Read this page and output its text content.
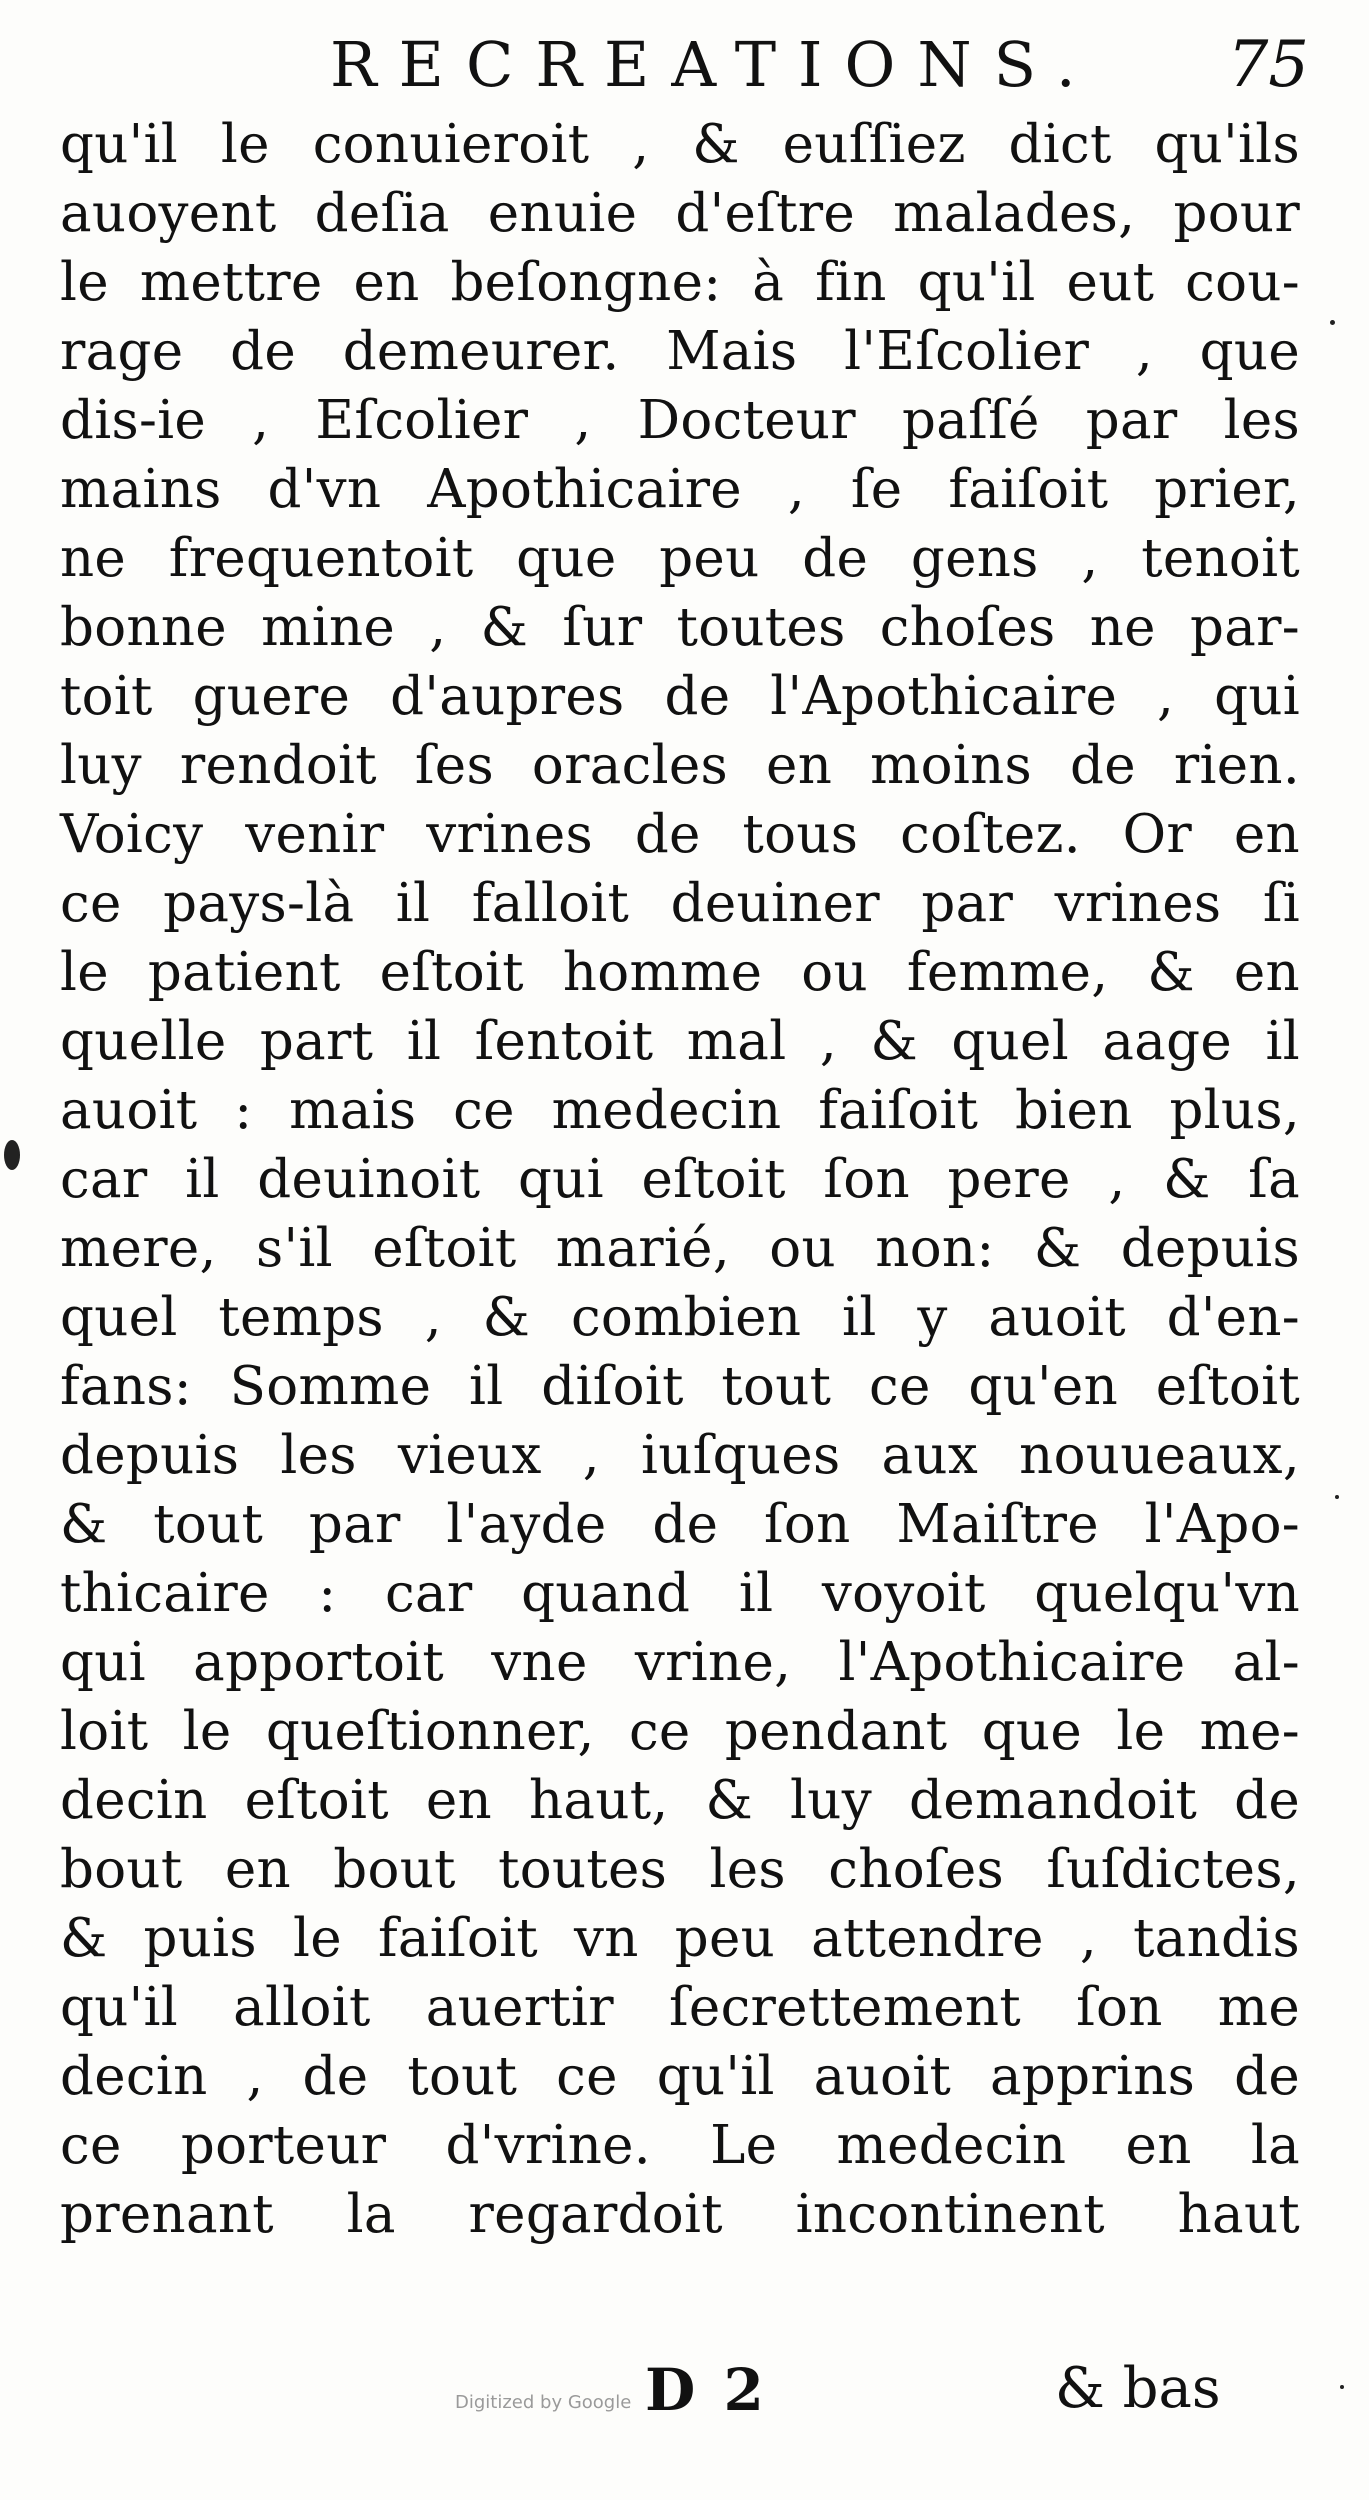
RECREATIONS. 75
qu'il le conuieroit , & euſſiez dict qu'ils
auoyent deſia enuie d'eſtre malades, pour
le mettre en beſongne: à fin qu'il eut cou-
rage de demeurer. Mais l'Eſcolier , que
dis-ie , Eſcolier , Docteur paſſé par les
mains d'vn Apothicaire , ſe faiſoit prier,
ne frequentoit que peu de gens , tenoit
bonne mine , & ſur toutes choſes ne par-
toit guere d'aupres de l'Apothicaire , qui
luy rendoit ſes oracles en moins de rien.
Voicy venir vrines de tous coſtez. Or en
ce pays-là il falloit deuiner par vrines ſi
le patient eſtoit homme ou femme, & en
quelle part il ſentoit mal , & quel aage il
auoit : mais ce medecin faiſoit bien plus,
car il deuinoit qui eſtoit ſon pere , & ſa
mere, s'il eſtoit marié, ou non: & depuis
quel temps , & combien il y auoit d'en-
fans: Somme il diſoit tout ce qu'en eſtoit
depuis les vieux , iuſques aux nouueaux,
& tout par l'ayde de ſon Maiſtre l'Apo-
thicaire : car quand il voyoit quelqu'vn
qui apportoit vne vrine, l'Apothicaire al-
loit le queſtionner, ce pendant que le me-
decin eſtoit en haut, & luy demandoit de
bout en bout toutes les choſes ſuſdictes,
& puis le faiſoit vn peu attendre , tandis
qu'il alloit auertir ſecrettement ſon me
decin , de tout ce qu'il auoit apprins de
ce porteur d'vrine. Le medecin en la
prenant la regardoit incontinent haut
Digitized by Google D 2	& bas
